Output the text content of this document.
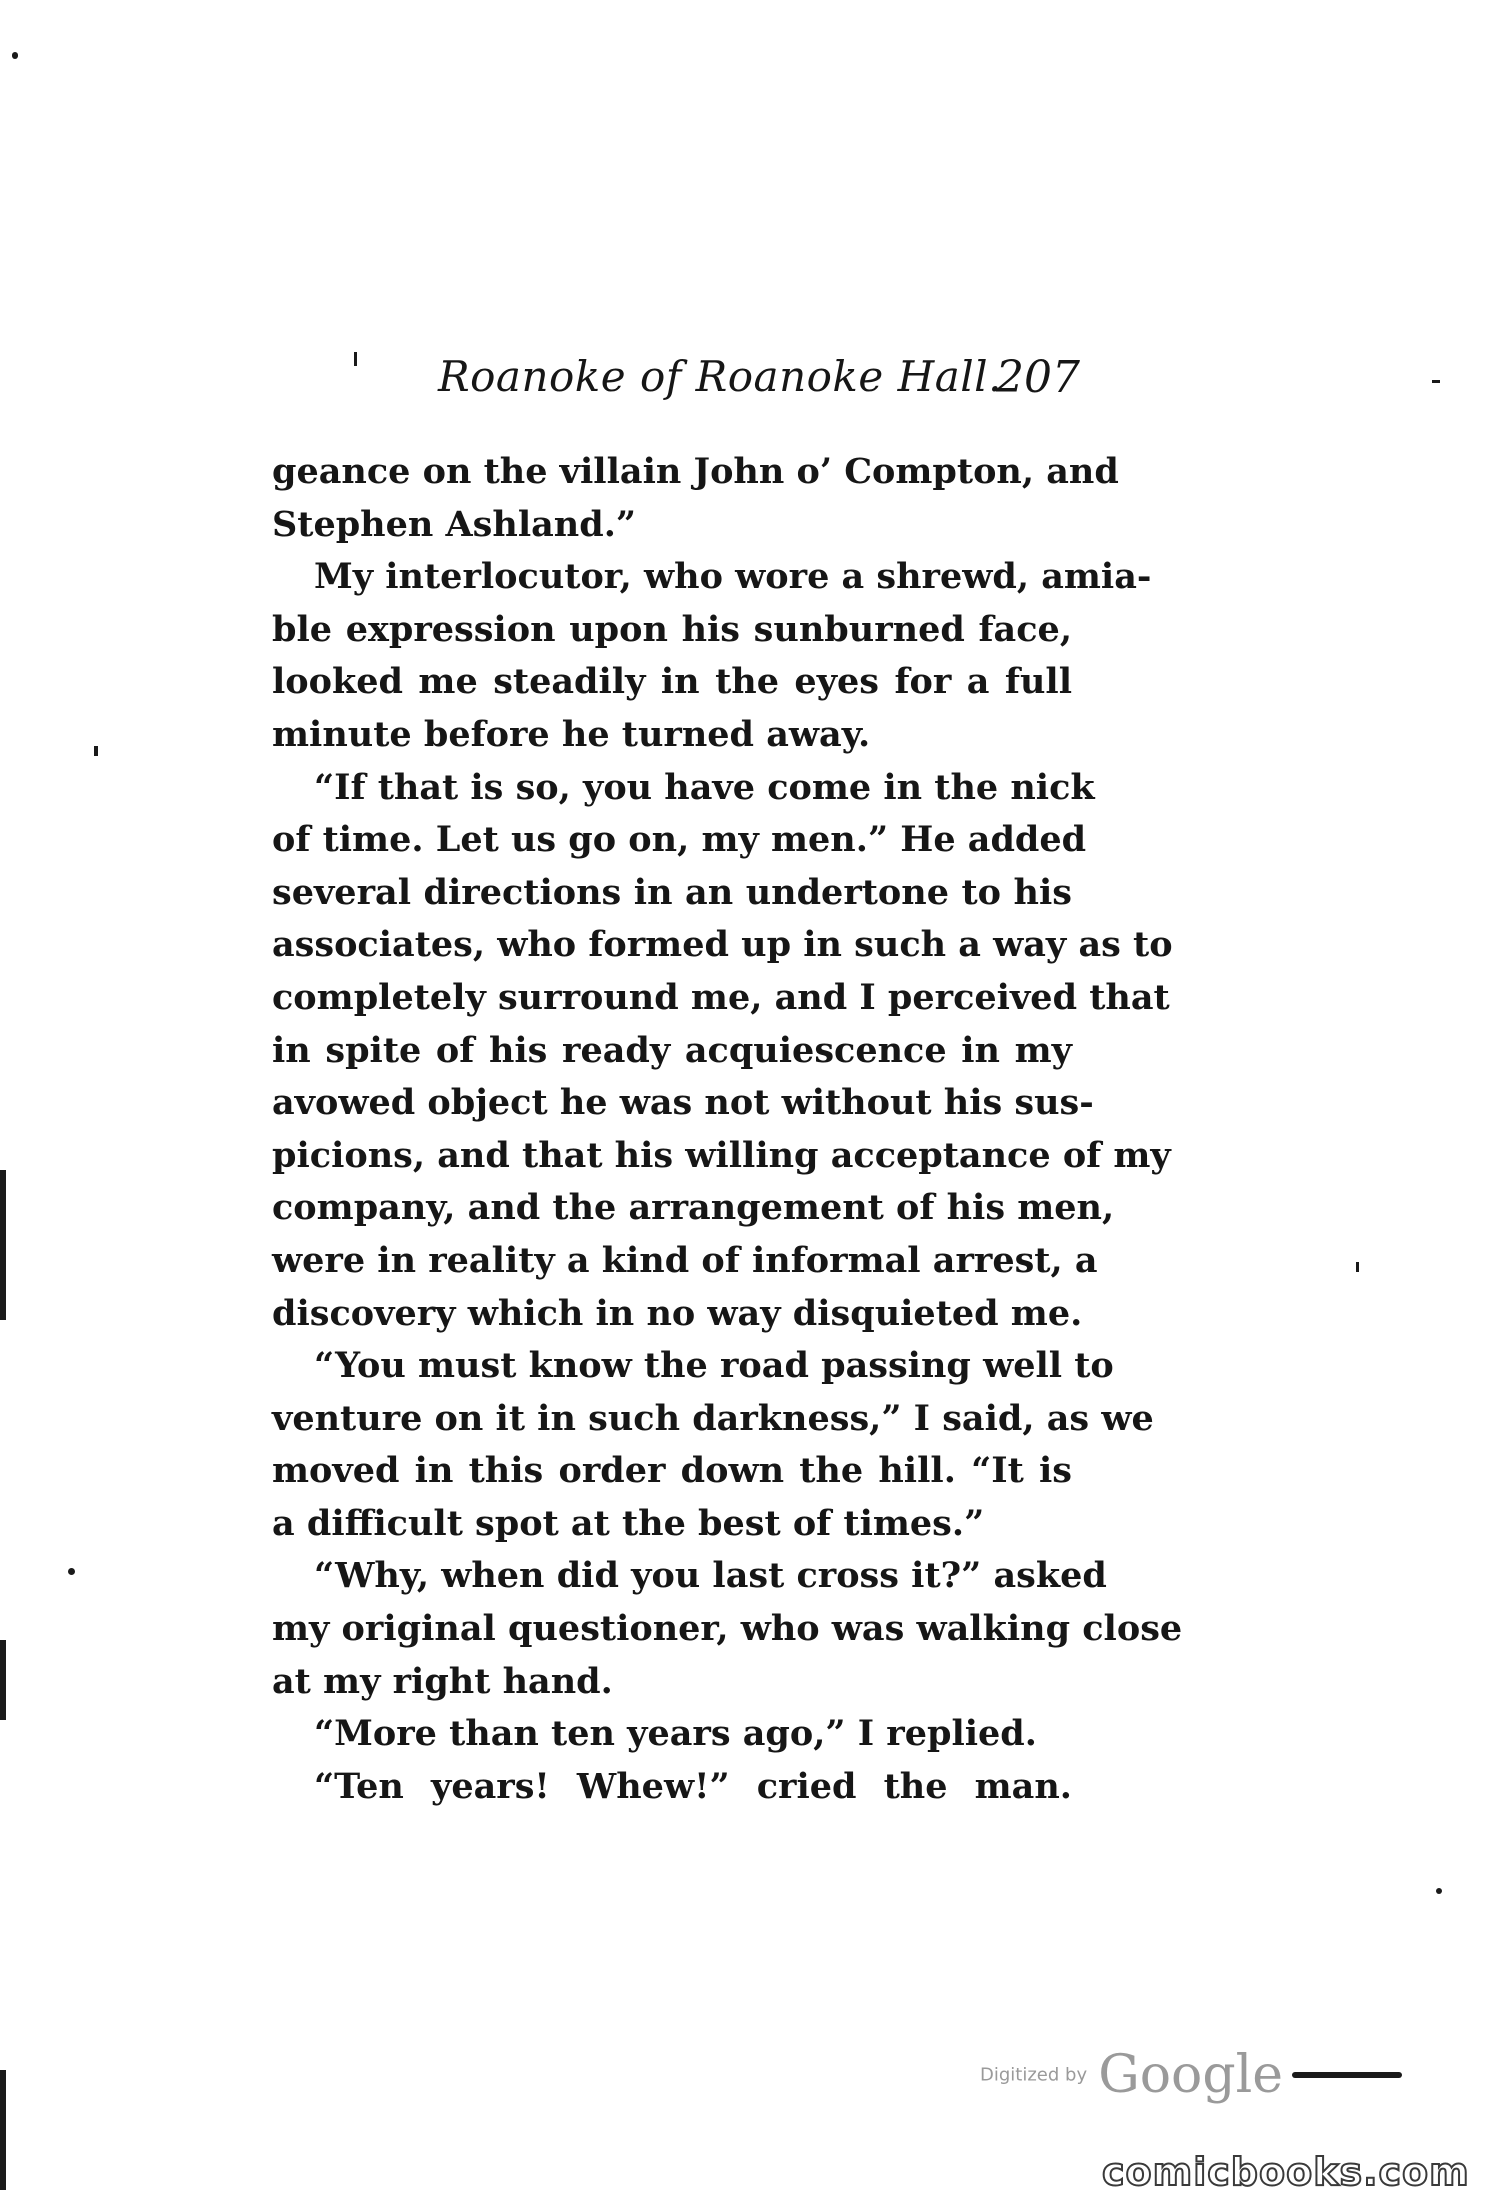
Roanoke of Roanoke Hall.
207
geance on the villain John o’ Compton, and
Stephen Ashland.”
My interlocutor, who wore a shrewd, amia-
ble expression upon his sunburned face,
looked me steadily in the eyes for a full
minute before he turned away.
“If that is so, you have come in the nick
of time. Let us go on, my men.” He added
several directions in an undertone to his
associates, who formed up in such a way as to
completely surround me, and I perceived that
in spite of his ready acquiescence in my
avowed object he was not without his sus-
picions, and that his willing acceptance of my
company, and the arrangement of his men,
were in reality a kind of informal arrest, a
discovery which in no way disquieted me.
“You must know the road passing well to
venture on it in such darkness,” I said, as we
moved in this order down the hill. “It is
a difficult spot at the best of times.”
“Why, when did you last cross it?” asked
my original questioner, who was walking close
at my right hand.
“More than ten years ago,” I replied.
“Ten years! Whew!” cried the man.
Digitized by Google
comicbooks.com
